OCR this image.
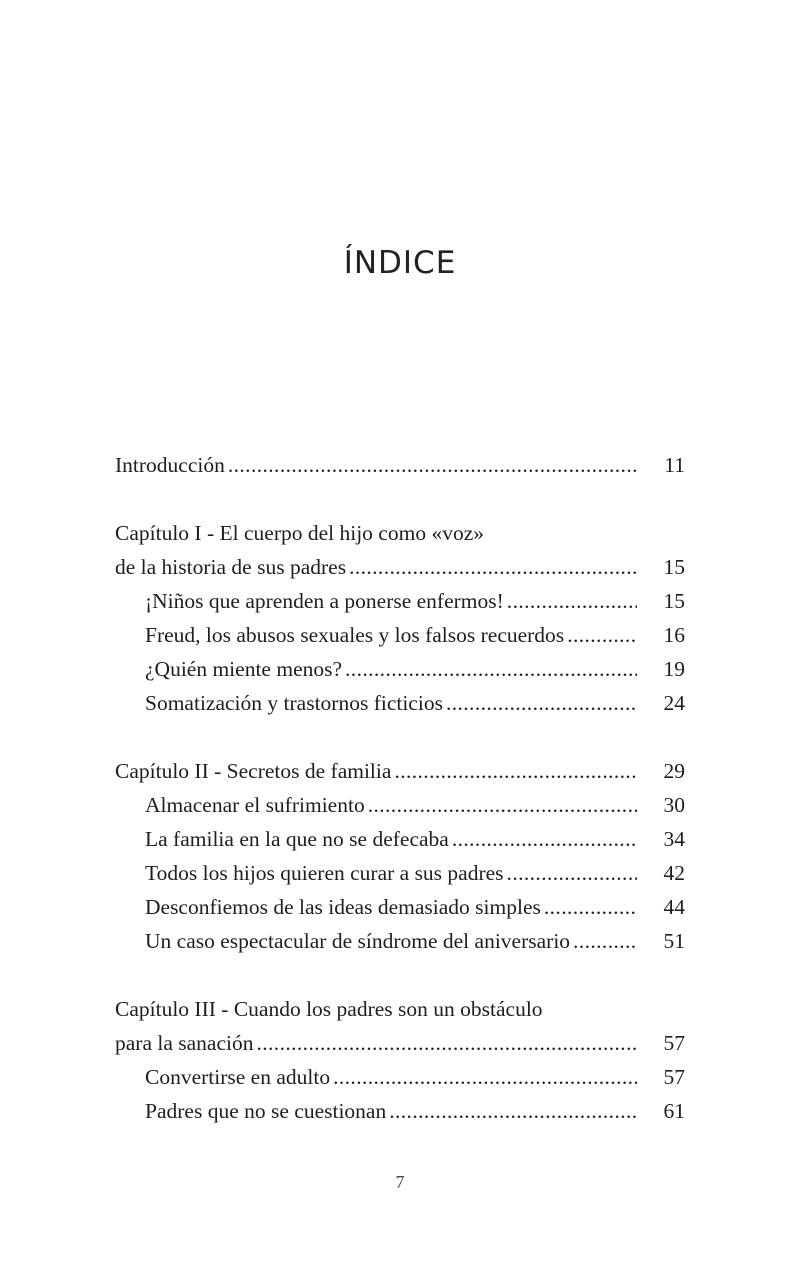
ÍNDICE
Introducción .....	11
Capítulo I - El cuerpo del hijo como «voz»
de la historia de sus padres .....	15
¡Niños que aprenden a ponerse enfermos! .....	15
Freud, los abusos sexuales y los falsos recuerdos .....	16
¿Quién miente menos? .....	19
Somatización y trastornos ficticios .....	24
Capítulo II - Secretos de familia .....	29
Almacenar el sufrimiento .....	30
La familia en la que no se defecaba .....	34
Todos los hijos quieren curar a sus padres .....	42
Desconfiemos de las ideas demasiado simples .....	44
Un caso espectacular de síndrome del aniversario .....	51
Capítulo III - Cuando los padres son un obstáculo
para la sanación .....	57
Convertirse en adulto .....	57
Padres que no se cuestionan .....	61
7
